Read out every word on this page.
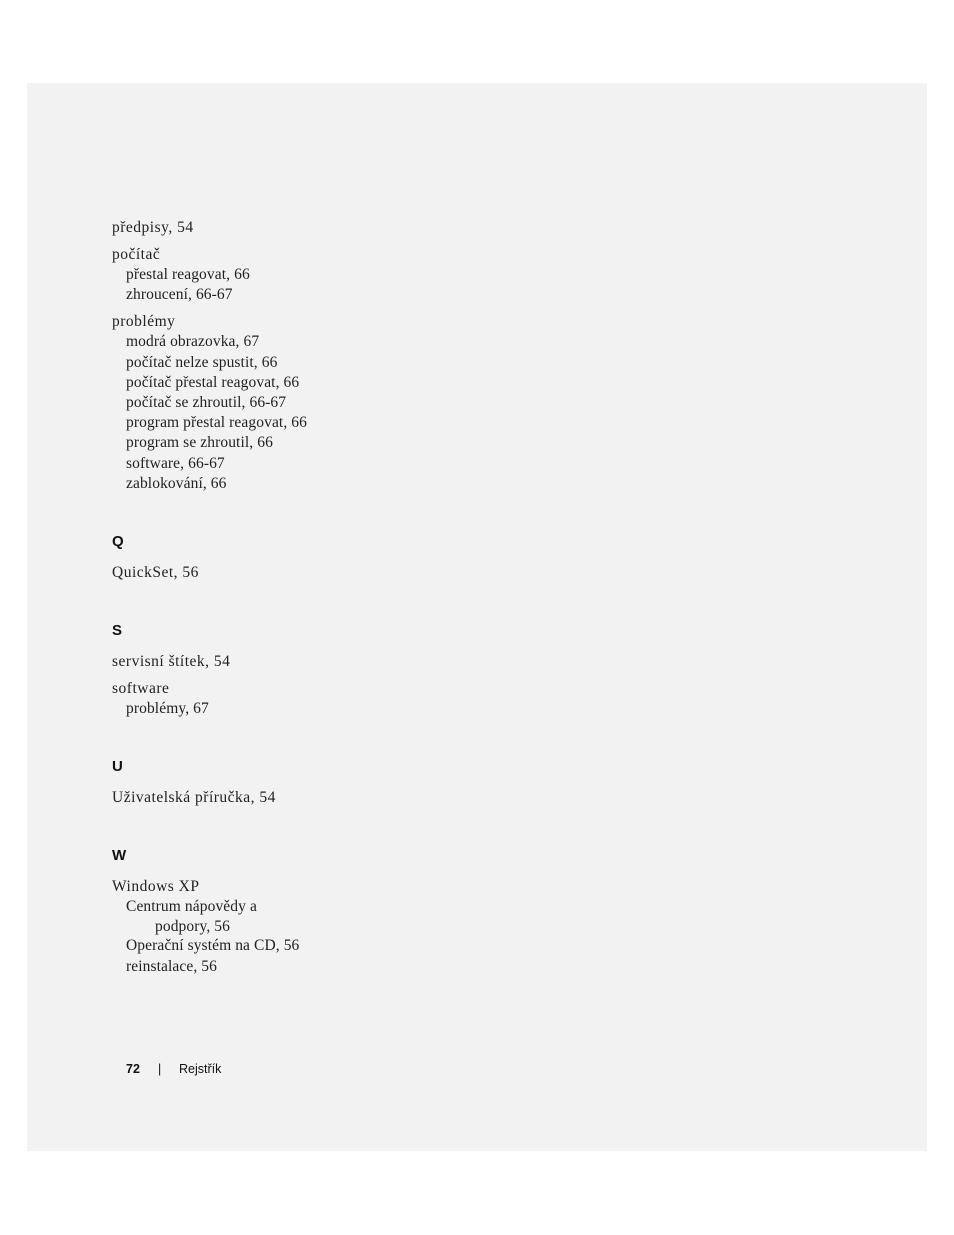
předpisy, 54
počítač
přestal reagovat, 66
zhroucení, 66-67
problémy
modrá obrazovka, 67
počítač nelze spustit, 66
počítač přestal reagovat, 66
počítač se zhroutil, 66-67
program přestal reagovat, 66
program se zhroutil, 66
software, 66-67
zablokování, 66
Q
QuickSet, 56
S
servisní štítek, 54
software
problémy, 67
U
Uživatelská příručka, 54
W
Windows XP
Centrum nápovědy a
podpory, 56
Operační systém na CD, 56
reinstalace, 56
72 | Rejstřík
